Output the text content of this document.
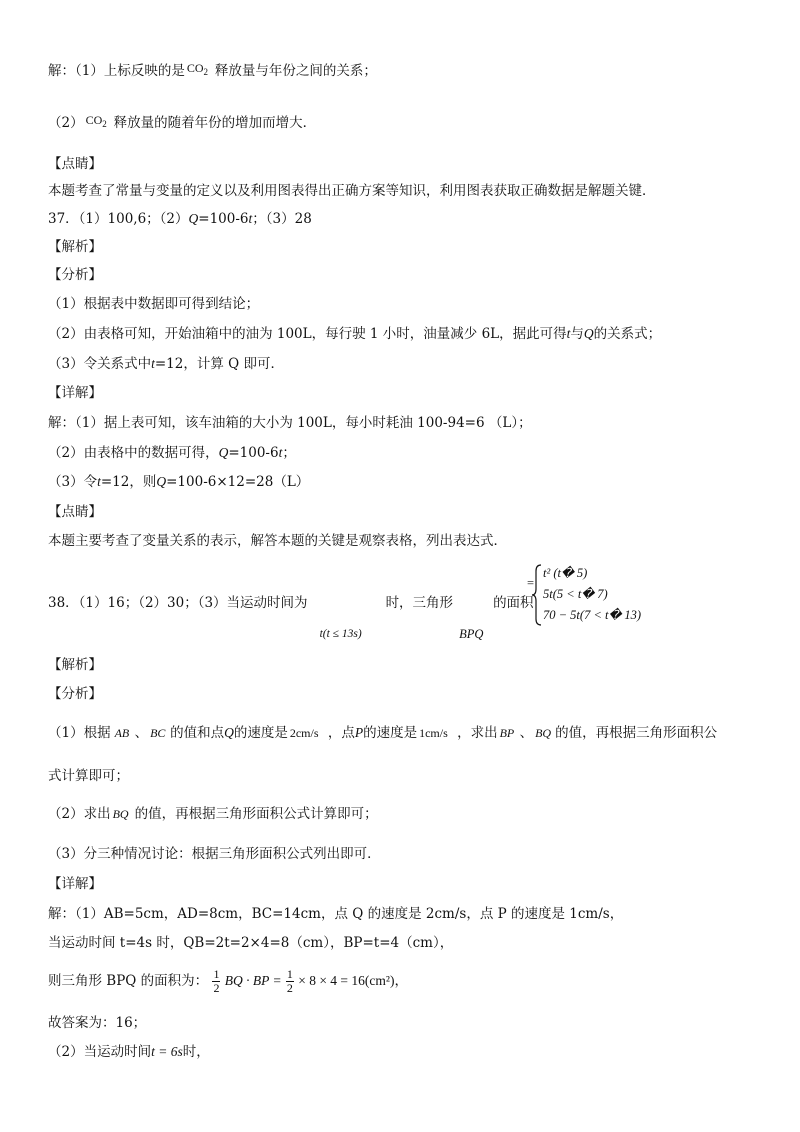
解：（1）上标反映的是 $CO_2$ 释放量与年份之间的关系；
（2） $CO_2$ 释放量的随着年份的增加而增大．
【点睛】
本题考查了常量与变量的定义以及利用图表得出正确方案等知识，利用图表获取正确数据是解题关键．
37．（1）100,6；（2）Q=100-6t；（3）28
【解析】
【分析】
（1）根据表中数据即可得到结论；
（2）由表格可知，开始油箱中的油为 100L，每行驶 1 小时，油量减少 6L，据此可得t与Q的关系式；
（3）令关系式中t=12，计算 Q 即可．
【详解】
解：（1）据上表可知，该车油箱的大小为 100L，每小时耗油 100-94=6 （L）；
（2）由表格中的数据可得，Q=100-6t；
（3）令t=12，则Q=100-6×12=28（L）
【点睛】
本题主要考查了变量关系的表示，解答本题的关键是观察表格，列出表达式．
38．（1）16；（2）30；（3）当运动时间为
t(t ≤ 13s)
时，三角形
BPQ
的面积
=
t² (t� 5)
5t(5 < t� 7)
70 − 5t(7 < t� 13)
【解析】
【分析】
（1）根据 AB 、 BC 的值和点Q的速度是 2cm/s ，点P的速度是 1cm/s ，求出 BP 、 BQ 的值，再根据三角形面积公
式计算即可；
（2）求出 BQ 的值，再根据三角形面积公式计算即可；
（3）分三种情况讨论：根据三角形面积公式列出即可．
【详解】
解：（1）AB=5cm，AD=8cm，BC=14cm，点 Q 的速度是 2cm/s，点 P 的速度是 1cm/s，
当运动时间 t=4s 时，QB=2t=2×4=8（cm），BP=t=4（cm），
则三角形 BPQ 的面积为： $\frac{1}{2}$ BQ · BP = $\frac{1}{2} \times 8 \times 4 = 16(cm^2)$，
故答案为：16；
（2）当运动时间t = 6s时，
